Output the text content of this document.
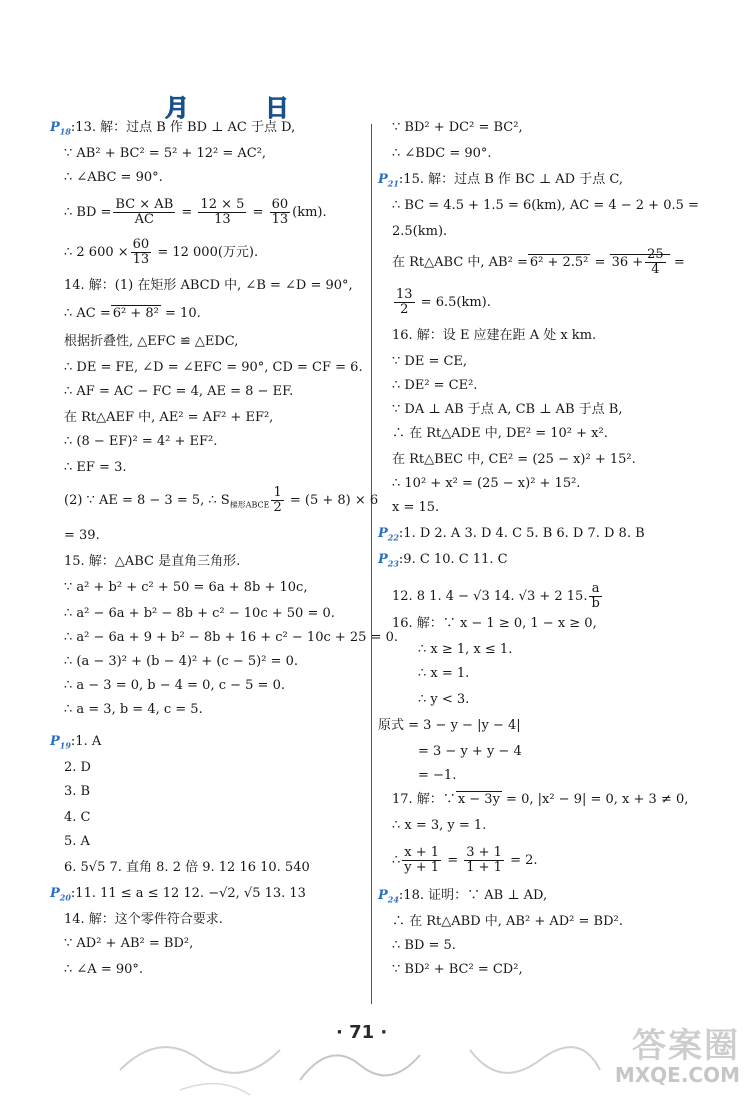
月	日
$P_{18}:13$. 解：过点 B 作 BD ⊥ AC 于点 D,
∵ AB² + BC² = 5² + 12² = AC²,
∴ ∠ABC = 90°.
∴ BD = $\frac{BC \times AB}{AC} = \frac{12 \times 5}{13} = \frac{60}{13} (km)$.
∴ 2 $600 \times \frac{60}{13} = 12$ 000(万元).
14. 解：(1) 在矩形 ABCD 中, ∠B = ∠D = 90°,
∴ AC = 6² + 8² = 10.
根据折叠性, △EFC ≌ △EDC,
∴ DE = FE, ∠D = ∠EFC = 90°, CD = CF = 6.
∴ AF = AC − FC = 4, AE = 8 − EF.
在 Rt△AEF 中, AE² = AF² + EF²,
∴ (8 − EF)² = 4² + EF².
∴ EF = 3.
(2) ∵ AE = 8 − 3 = 5, ∴ $S_{梯形ABCE} \frac{1}{2} = (5 + 8) \times 6$
= 39.
15. 解：△ABC 是直角三角形.
∵ a² + b² + c² + 50 = 6a + 8b + 10c,
∴ a² − 6a + b² − 8b + c² − 10c + 50 = 0.
∴ a² − 6a + 9 + b² − 8b + 16 + c² − 10c + 25 = 0.
∴ (a − 3)² + (b − 4)² + (c − 5)² = 0.
∴ a − 3 = 0, b − 4 = 0, c − 5 = 0.
∴ a = 3, b = 4, c = 5.
$P_{19}:1$. A
2. D
3. B
4. C
5. A
6. 5√5 7. 直角 8. 2 倍 9. 12 16 10. 540
$P_{20}:11$. 11 ≤ a ≤ 12 12. −√2, √5 13. 13
14. 解：这个零件符合要求.
∵ AD² + AB² = BD²,
∴ ∠A = 90°.
∵ BD² + DC² = BC²,
∴ ∠BDC = 90°.
$P_{21}:15$. 解：过点 B 作 BC ⊥ AD 于点 C,
∴ BC = 4.5 + 1.5 = 6(km), AC = 4 − 2 + 0.5 =
2.5(km).
在 Rt△ABC 中, $AB^2 = 6^2 + 2.5^2 = 36 + \frac{25}{4}$ =
$\frac{13}{2} = 6.5(km)$.
16. 解：设 E 应建在距 A 处 x km.
∵ DE = CE,
∴ DE² = CE².
∵ DA ⊥ AB 于点 A, CB ⊥ AB 于点 B,
∴ 在 Rt△ADE 中, DE² = 10² + x².
在 Rt△BEC 中, CE² = (25 − x)² + 15².
∴ 10² + x² = (25 − x)² + 15².
x = 15.
$P_{22}:1$. D 2. A 3. D 4. C 5. B 6. D 7. D 8. B
$P_{23}:9$. C 10. C 11. C
12. 8 1. 4 − √3 14. √3 + 2 15. $\frac{a}{b}$
16. 解：∵ x − 1 ≥ 0, 1 − x ≥ 0,
∴ x ≥ 1, x ≤ 1.
∴ x = 1.
∴ y < 3.
原式 = 3 − y − |y − 4|
= 3 − y + y − 4
= −1.
17. 解：∵ x − 3y = 0, |x² − 9| = 0, x + 3 ≠ 0,
∴ x = 3, y = 1.
∴ $\frac{x + 1}{y + 1} = \frac{3 + 1}{1 + 1} = 2$.
$P_{24}:18$. 证明：∵ AB ⊥ AD,
∴ 在 Rt△ABD 中, AB² + AD² = BD².
∴ BD = 5.
∵ BD² + BC² = CD²,
· 71 ·	答案圈
MXQE.COM
